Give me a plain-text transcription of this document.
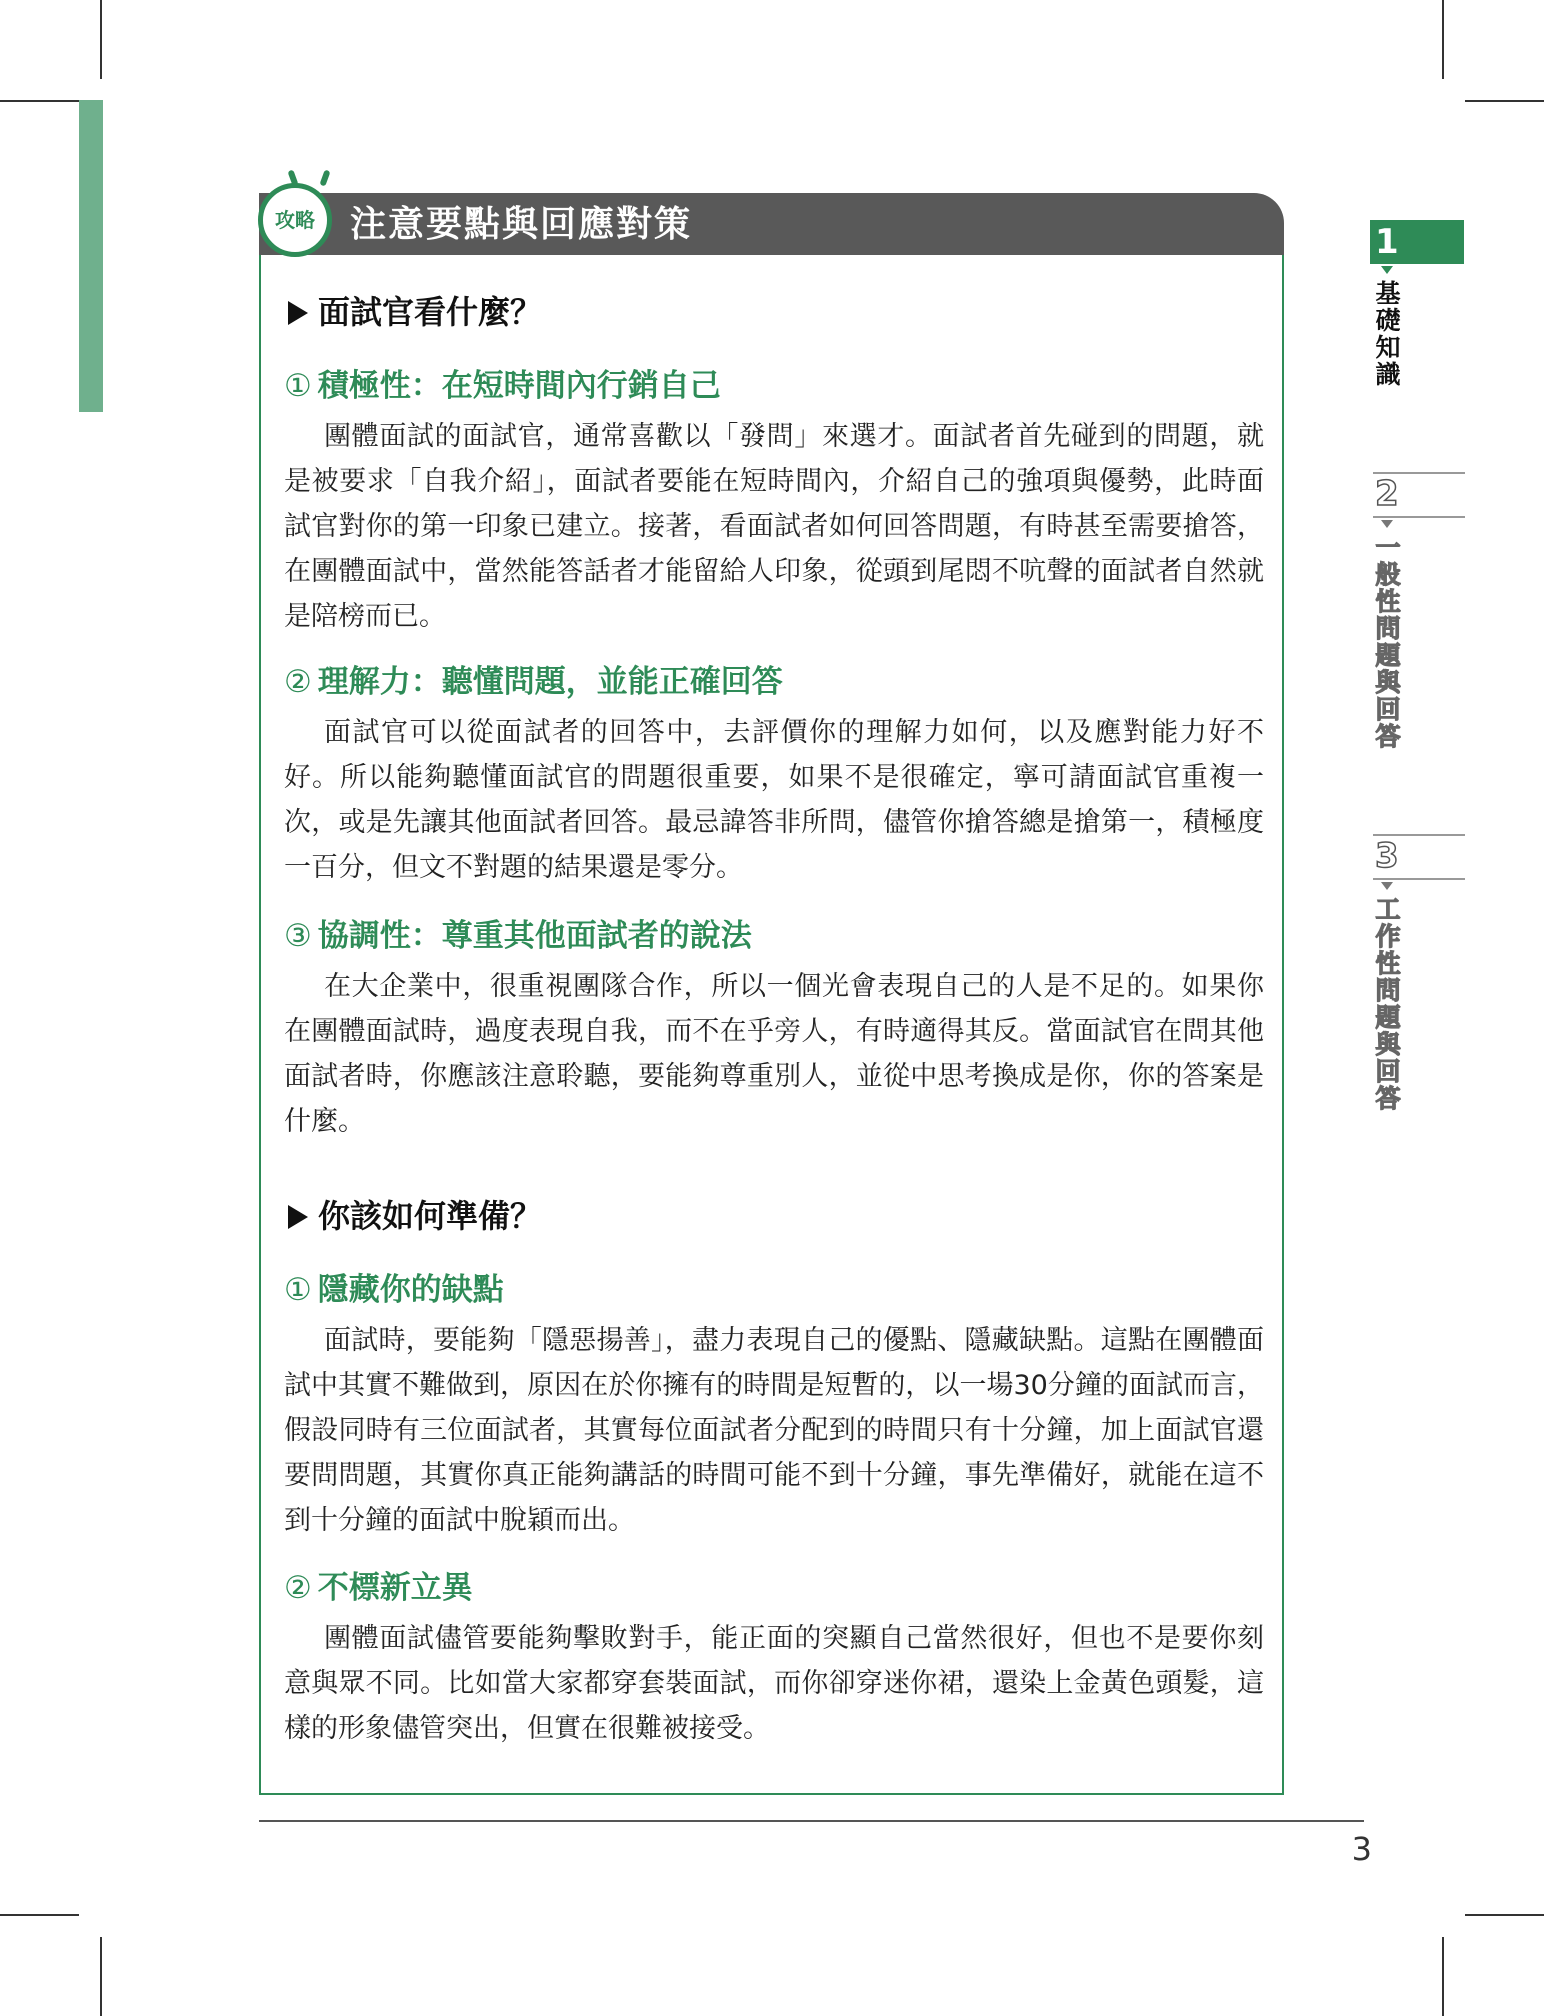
注意要點與回應對策
攻略
面試官看什麼？
① 積極性：在短時間內行銷自己

團體面試的面試官，通常喜歡以「發問」來選才。面試者首先碰到的問題，就是被要求「自我介紹」，面試者要能在短時間內，介紹自己的強項與優勢，此時面試官對你的第一印象已建立。接著，看面試者如何回答問題，有時甚至需要搶答，在團體面試中，當然能答話者才能留給人印象，從頭到尾悶不吭聲的面試者自然就是陪榜而已。

② 理解力：聽懂問題，並能正確回答

面試官可以從面試者的回答中，去評價你的理解力如何，以及應對能力好不好。所以能夠聽懂面試官的問題很重要，如果不是很確定，寧可請面試官重複一次，或是先讓其他面試者回答。最忌諱答非所問，儘管你搶答總是搶第一，積極度一百分，但文不對題的結果還是零分。

③ 協調性：尊重其他面試者的說法

在大企業中，很重視團隊合作，所以一個光會表現自己的人是不足的。如果你在團體面試時，過度表現自我，而不在乎旁人，有時適得其反。當面試官在問其他面試者時，你應該注意聆聽，要能夠尊重別人，並從中思考換成是你，你的答案是什麼。

你該如何準備？
① 隱藏你的缺點

面試時，要能夠「隱惡揚善」，盡力表現自己的優點、隱藏缺點。這點在團體面試中其實不難做到，原因在於你擁有的時間是短暫的，以一場30分鐘的面試而言，假設同時有三位面試者，其實每位面試者分配到的時間只有十分鐘，加上面試官還要問問題，其實你真正能夠講話的時間可能不到十分鐘，事先準備好，就能在這不到十分鐘的面試中脫穎而出。

② 不標新立異

團體面試儘管要能夠擊敗對手，能正面的突顯自己當然很好，但也不是要你刻意與眾不同。比如當大家都穿套裝面試，而你卻穿迷你裙，還染上金黃色頭髮，這樣的形象儘管突出，但實在很難被接受。

1
基礎知識
2
一般性問題與回答
3
工作性問題與回答
3
